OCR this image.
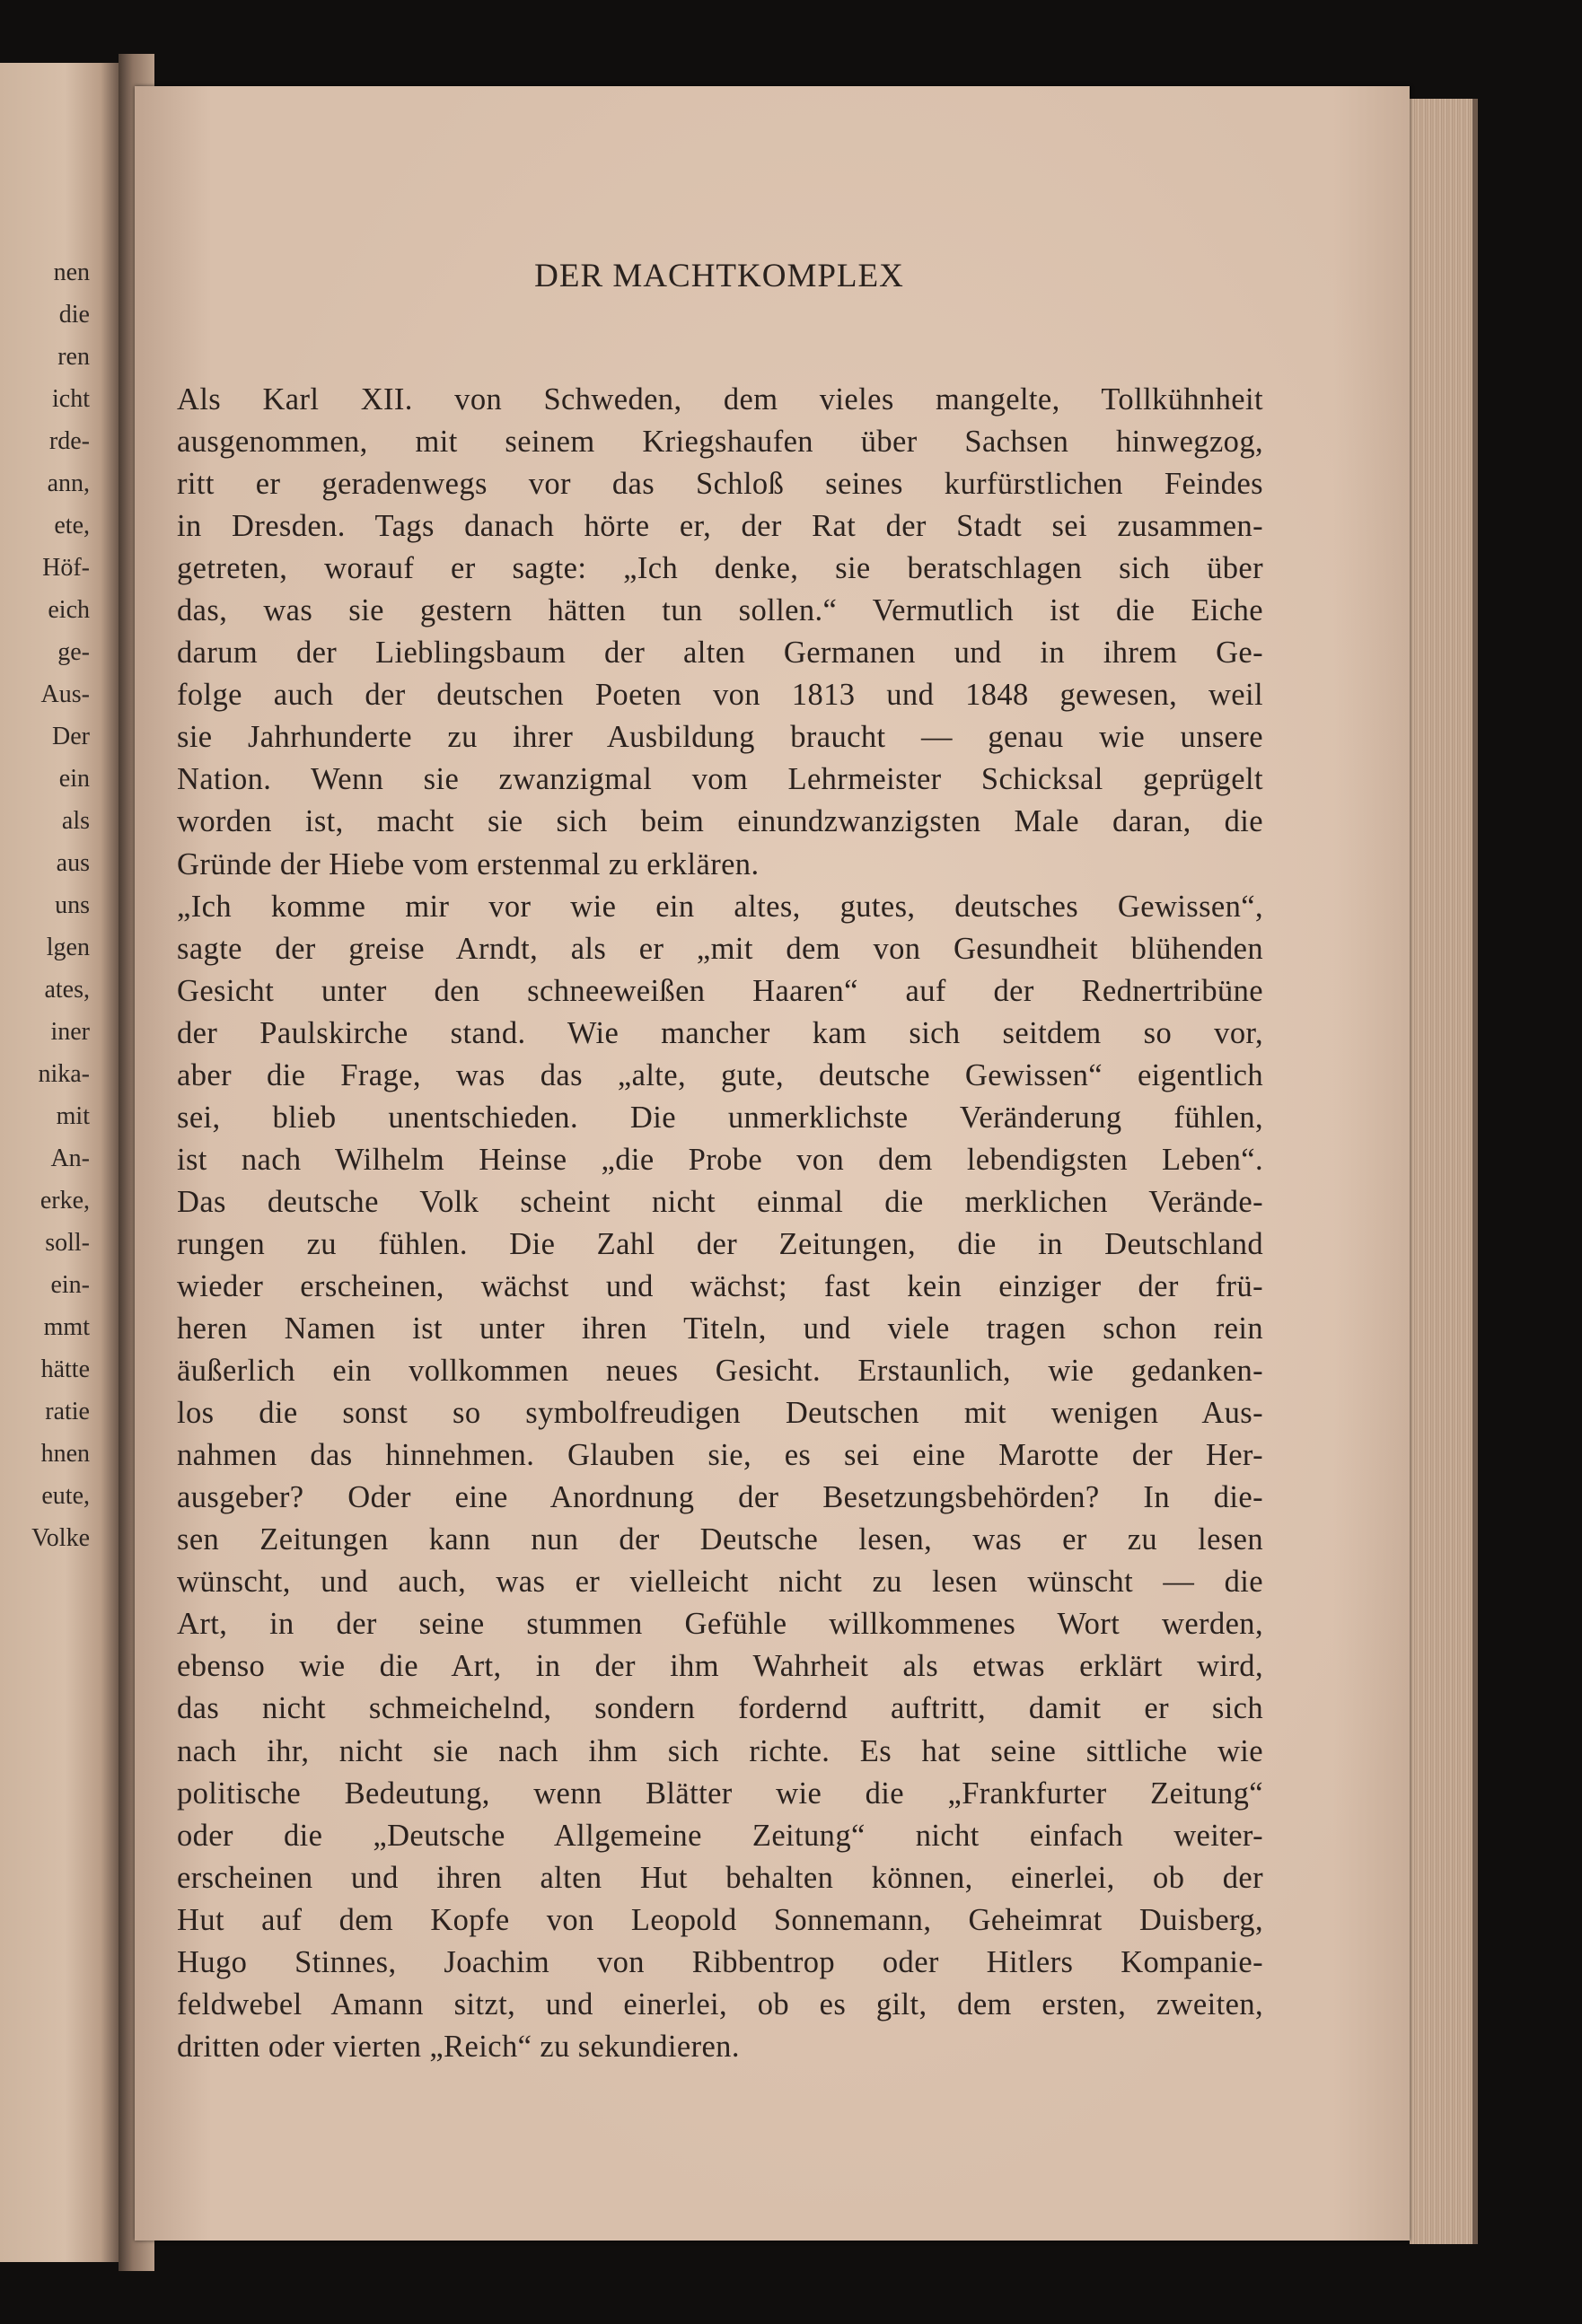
nen
die
ren
icht
rde-
ann,
ete,
Höf-
eich
ge-
Aus-
Der
ein
als
aus
uns
lgen
ates,
iner
nika-
mit
An-
erke,
soll-
ein-
mmt
hätte
ratie
hnen
eute,
Volke
DER MACHTKOMPLEX
Als Karl XII. von Schweden, dem vieles mangelte, Tollkühnheit
ausgenommen, mit seinem Kriegshaufen über Sachsen hinwegzog,
ritt er geradenwegs vor das Schloß seines kurfürstlichen Feindes
in Dresden. Tags danach hörte er, der Rat der Stadt sei zusammen-
getreten, worauf er sagte: „Ich denke, sie beratschlagen sich über
das, was sie gestern hätten tun sollen.“ Vermutlich ist die Eiche
darum der Lieblingsbaum der alten Germanen und in ihrem Ge-
folge auch der deutschen Poeten von 1813 und 1848 gewesen, weil
sie Jahrhunderte zu ihrer Ausbildung braucht — genau wie unsere
Nation. Wenn sie zwanzigmal vom Lehrmeister Schicksal geprügelt
worden ist, macht sie sich beim einundzwanzigsten Male daran, die
Gründe der Hiebe vom erstenmal zu erklären.
„Ich komme mir vor wie ein altes, gutes, deutsches Gewissen“,
sagte der greise Arndt, als er „mit dem von Gesundheit blühenden
Gesicht unter den schneeweißen Haaren“ auf der Rednertribüne
der Paulskirche stand. Wie mancher kam sich seitdem so vor,
aber die Frage, was das „alte, gute, deutsche Gewissen“ eigentlich
sei, blieb unentschieden. Die unmerklichste Veränderung fühlen,
ist nach Wilhelm Heinse „die Probe von dem lebendigsten Leben“.
Das deutsche Volk scheint nicht einmal die merklichen Verände-
rungen zu fühlen. Die Zahl der Zeitungen, die in Deutschland
wieder erscheinen, wächst und wächst; fast kein einziger der frü-
heren Namen ist unter ihren Titeln, und viele tragen schon rein
äußerlich ein vollkommen neues Gesicht. Erstaunlich, wie gedanken-
los die sonst so symbolfreudigen Deutschen mit wenigen Aus-
nahmen das hinnehmen. Glauben sie, es sei eine Marotte der Her-
ausgeber? Oder eine Anordnung der Besetzungsbehörden? In die-
sen Zeitungen kann nun der Deutsche lesen, was er zu lesen
wünscht, und auch, was er vielleicht nicht zu lesen wünscht — die
Art, in der seine stummen Gefühle willkommenes Wort werden,
ebenso wie die Art, in der ihm Wahrheit als etwas erklärt wird,
das nicht schmeichelnd, sondern fordernd auftritt, damit er sich
nach ihr, nicht sie nach ihm sich richte. Es hat seine sittliche wie
politische Bedeutung, wenn Blätter wie die „Frankfurter Zeitung“
oder die „Deutsche Allgemeine Zeitung“ nicht einfach weiter-
erscheinen und ihren alten Hut behalten können, einerlei, ob der
Hut auf dem Kopfe von Leopold Sonnemann, Geheimrat Duisberg,
Hugo Stinnes, Joachim von Ribbentrop oder Hitlers Kompanie-
feldwebel Amann sitzt, und einerlei, ob es gilt, dem ersten, zweiten,
dritten oder vierten „Reich“ zu sekundieren.
